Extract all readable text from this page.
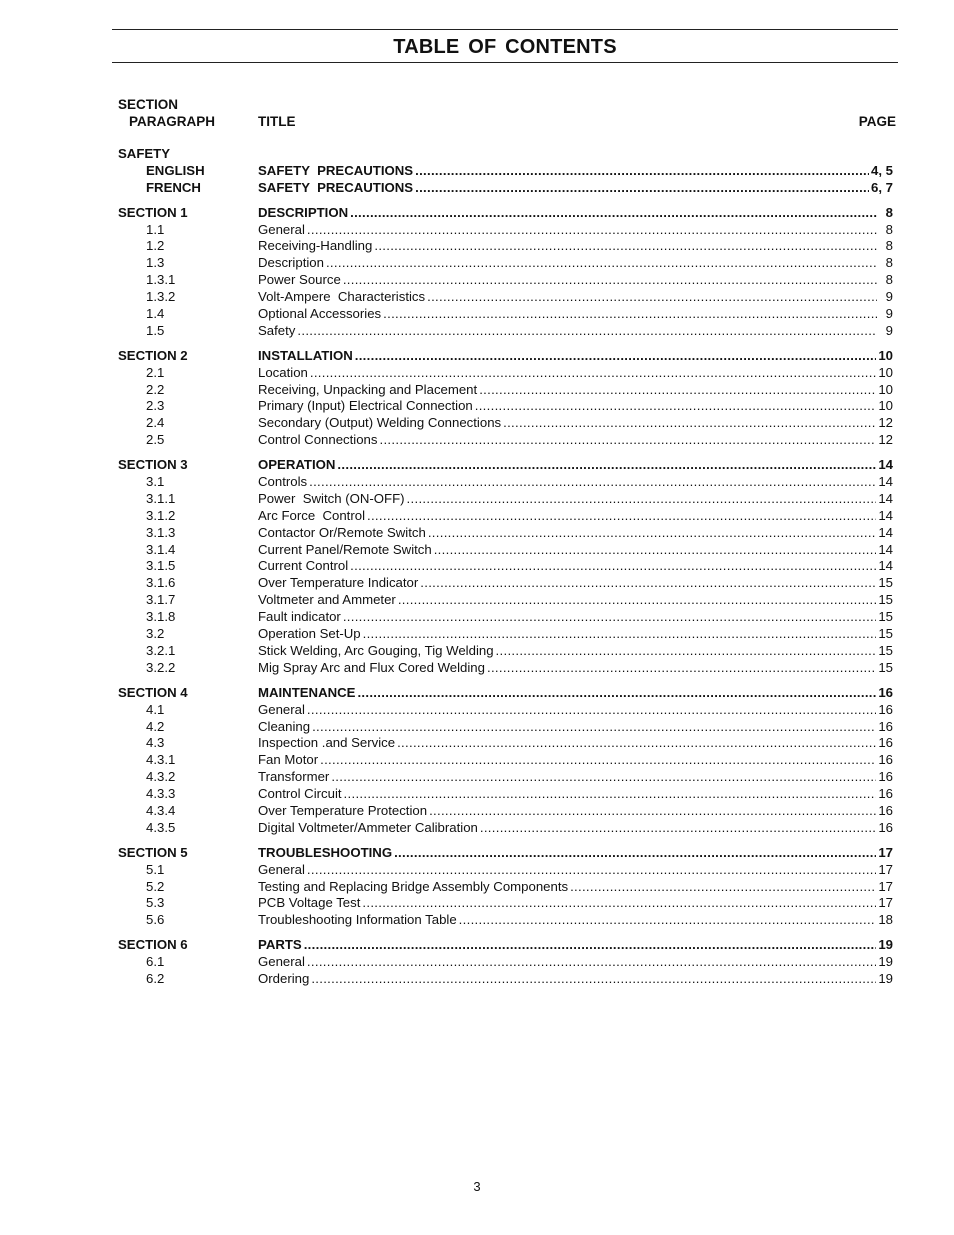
TABLE OF CONTENTS
SECTION
PARAGRAPH	TITLE	PAGE
SAFETY
ENGLISH	SAFETY  PRECAUTIONS .....	4, 5
FRENCH	SAFETY  PRECAUTIONS .....	6, 7
SECTION 1	DESCRIPTION .....	8
1.1	General .....	8
1.2	Receiving-Handling .....	8
1.3	Description .....	8
1.3.1	Power Source .....	8
1.3.2	Volt-Ampere  Characteristics .....	9
1.4	Optional Accessories .....	9
1.5	Safety .....	9
SECTION 2	INSTALLATION .....	10
2.1	Location .....	10
2.2	Receiving, Unpacking and Placement .....	10
2.3	Primary (Input) Electrical Connection .....	10
2.4	Secondary (Output) Welding Connections .....	12
2.5	Control Connections .....	12
SECTION 3	OPERATION .....	14
3.1	Controls .....	14
3.1.1	Power  Switch (ON-OFF) .....	14
3.1.2	Arc Force  Control .....	14
3.1.3	Contactor Or/Remote Switch .....	14
3.1.4	Current Panel/Remote Switch .....	14
3.1.5	Current Control .....	14
3.1.6	Over Temperature Indicator .....	15
3.1.7	Voltmeter and Ammeter .....	15
3.1.8	Fault indicator .....	15
3.2	Operation Set-Up .....	15
3.2.1	Stick Welding, Arc Gouging, Tig Welding .....	15
3.2.2	Mig Spray Arc and Flux Cored Welding .....	15
SECTION 4	MAINTENANCE .....	16
4.1	General .....	16
4.2	Cleaning .....	16
4.3	Inspection .and Service .....	16
4.3.1	Fan Motor .....	16
4.3.2	Transformer .....	16
4.3.3	Control Circuit .....	16
4.3.4	Over Temperature Protection .....	16
4.3.5	Digital Voltmeter/Ammeter Calibration .....	16
SECTION 5	TROUBLESHOOTING .....	17
5.1	General .....	17
5.2	Testing and Replacing Bridge Assembly Components .....	17
5.3	PCB Voltage Test .....	17
5.6	Troubleshooting Information Table .....	18
SECTION 6	PARTS .....	19
6.1	General .....	19
6.2	Ordering .....	19
3
